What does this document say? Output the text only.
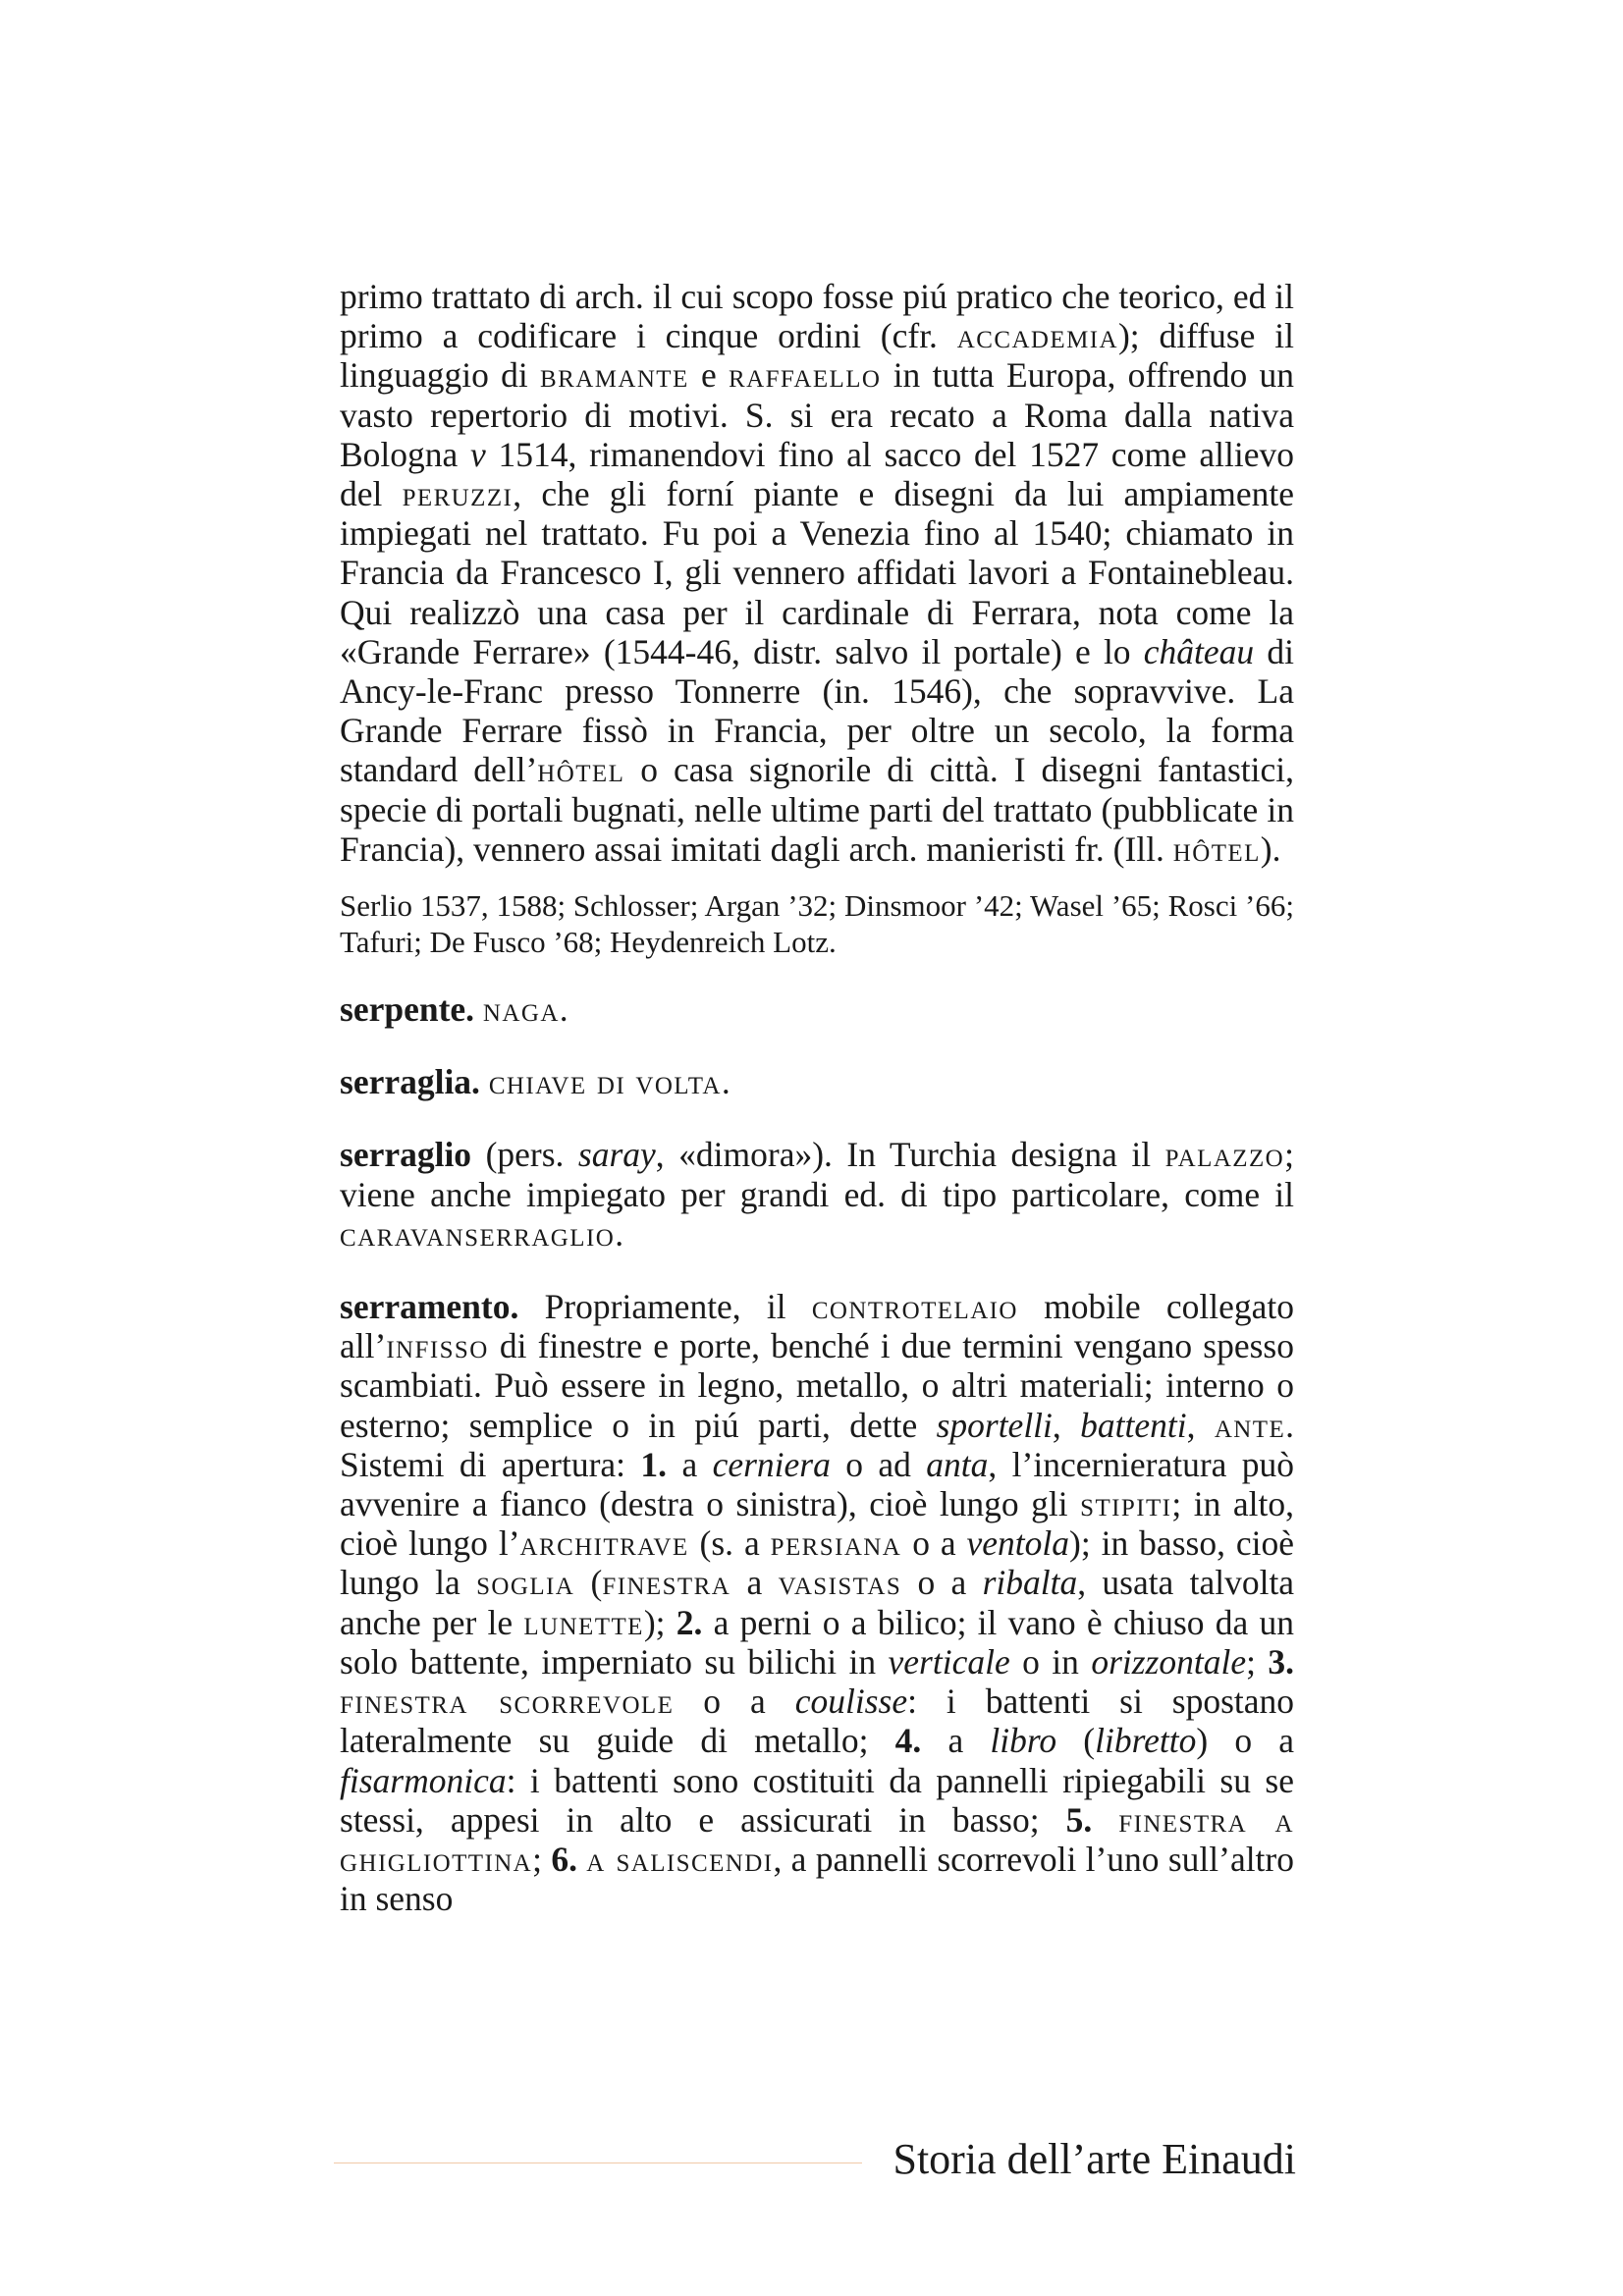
primo trattato di arch. il cui scopo fosse piú pratico che teorico, ed il primo a codificare i cinque ordini (cfr. accademia); diffuse il linguaggio di bramante e raffaello in tutta Europa, offrendo un vasto repertorio di motivi. S. si era recato a Roma dalla nativa Bologna v 1514, rimanendovi fino al sacco del 1527 come allievo del peruzzi, che gli forní piante e disegni da lui ampiamente impiegati nel trattato. Fu poi a Venezia fino al 1540; chiamato in Francia da Francesco I, gli vennero affidati lavori a Fontainebleau. Qui realizzò una casa per il cardinale di Ferrara, nota come la «Grande Ferrare» (1544-46, distr. salvo il portale) e lo château di Ancy-le-Franc presso Tonnerre (in. 1546), che sopravvive. La Grande Ferrare fissò in Francia, per oltre un secolo, la forma standard dell’hôtel o casa signorile di città. I disegni fantastici, specie di portali bugnati, nelle ultime parti del trattato (pubblicate in Francia), vennero assai imitati dagli arch. manieristi fr. (Ill. hôtel).

Serlio 1537, 1588; Schlosser; Argan ’32; Dinsmoor ’42; Wasel ’65; Rosci ’66; Tafuri; De Fusco ’68; Heydenreich Lotz.

serpente. naga.

serraglia. chiave di volta.

serraglio (pers. saray, «dimora»). In Turchia designa il palazzo; viene anche impiegato per grandi ed. di tipo particolare, come il caravanserraglio.

serramento. Propriamente, il controtelaio mobile collegato all’infisso di finestre e porte, benché i due termini vengano spesso scambiati. Può essere in legno, metallo, o altri materiali; interno o esterno; semplice o in piú parti, dette sportelli, battenti, ante. Sistemi di apertura: 1. a cerniera o ad anta, l’incernieratura può avvenire a fianco (destra o sinistra), cioè lungo gli stipiti; in alto, cioè lungo l’architrave (s. a persiana o a ventola); in basso, cioè lungo la soglia (finestra a vasistas o a ribalta, usata talvolta anche per le lunette); 2. a perni o a bilico; il vano è chiuso da un solo battente, imperniato su bilichi in verticale o in orizzontale; 3. finestra scorrevole o a coulisse: i battenti si spostano lateralmente su guide di metallo; 4. a libro (libretto) o a fisarmonica: i battenti sono costituiti da pannelli ripiegabili su se stessi, appesi in alto e assicurati in basso; 5. finestra a ghigliottina; 6. a saliscendi, a pannelli scorrevoli l’uno sull’altro in senso

Storia dell’arte Einaudi
